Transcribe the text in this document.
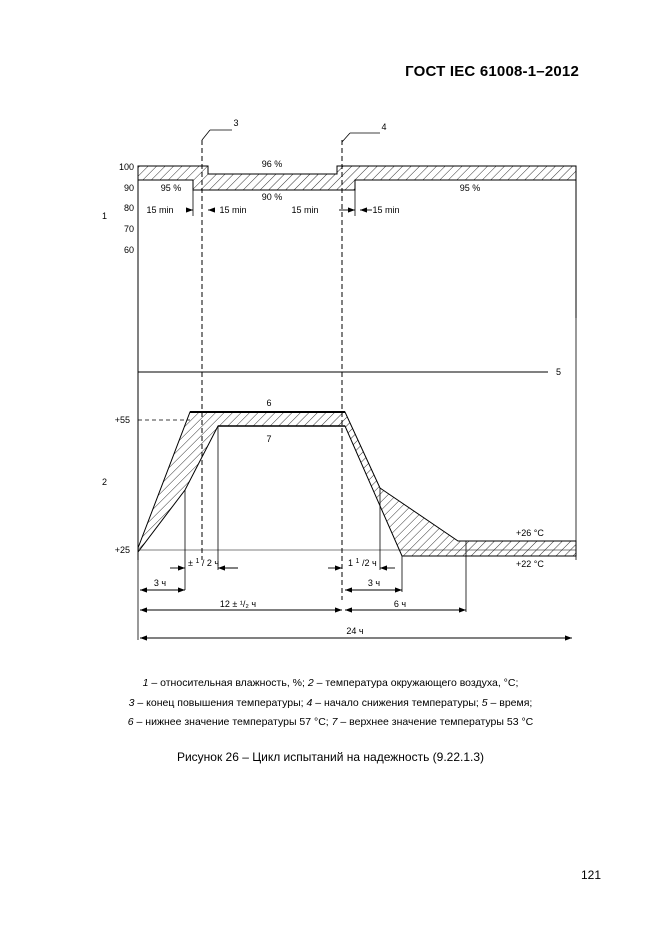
ГОСТ IEC 61008-1–2012
100
90
80
70
60
95 %
96 %
90 %
95 %
15 min	15 min	15 min	15 min
3	4
1
5
+55
+25
2
6
7
+26 °C
+22 °C
± $^1$ / 2 ч	1 $^1$ /2 ч
3 ч	3 ч
12 ± ¹/₂ ч	6 ч
24 ч
1 – относительная влажность, %; 2 – температура окружающего воздуха, °C;
3 – конец повышения температуры; 4 – начало снижения температуры; 5 – время;
6 – нижнее значение температуры 57 °C; 7 – верхнее значение температуры 53 °C
Рисунок 26 – Цикл испытаний на надежность (9.22.1.3)
121
